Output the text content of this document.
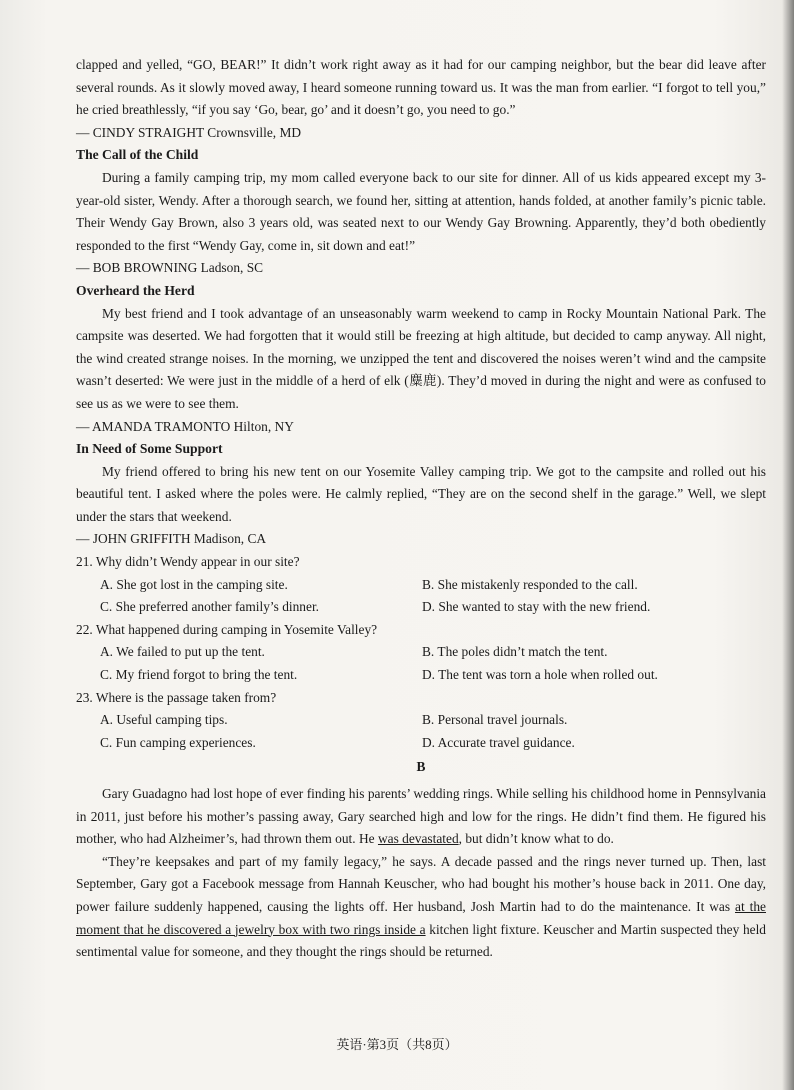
clapped and yelled, “GO, BEAR!” It didn’t work right away as it had for our camping neighbor, but the bear did leave after several rounds. As it slowly moved away, I heard someone running toward us. It was the man from earlier. “I forgot to tell you,” he cried breathlessly, “if you say ‘Go, bear, go’ and it doesn’t go, you need to go.”

— CINDY STRAIGHT Crownsville, MD

The Call of the Child

During a family camping trip, my mom called everyone back to our site for dinner. All of us kids appeared except my 3-year-old sister, Wendy. After a thorough search, we found her, sitting at attention, hands folded, at another family’s picnic table. Their Wendy Gay Brown, also 3 years old, was seated next to our Wendy Gay Browning. Apparently, they’d both obediently responded to the first “Wendy Gay, come in, sit down and eat!”

— BOB BROWNING Ladson, SC

Overheard the Herd

My best friend and I took advantage of an unseasonably warm weekend to camp in Rocky Mountain National Park. The campsite was deserted. We had forgotten that it would still be freezing at high altitude, but decided to camp anyway. All night, the wind created strange noises. In the morning, we unzipped the tent and discovered the noises weren’t wind and the campsite wasn’t deserted: We were just in the middle of a herd of elk (麋鹿). They’d moved in during the night and were as confused to see us as we were to see them.

— AMANDA TRAMONTO Hilton, NY

In Need of Some Support

My friend offered to bring his new tent on our Yosemite Valley camping trip. We got to the campsite and rolled out his beautiful tent. I asked where the poles were. He calmly replied, “They are on the second shelf in the garage.” Well, we slept under the stars that weekend.

— JOHN GRIFFITH Madison, CA

21. Why didn’t Wendy appear in our site?

A. She got lost in the camping site.	B. She mistakenly responded to the call.
C. She preferred another family’s dinner.	D. She wanted to stay with the new friend.

22. What happened during camping in Yosemite Valley?

A. We failed to put up the tent.	B. The poles didn’t match the tent.
C. My friend forgot to bring the tent.	D. The tent was torn a hole when rolled out.

23. Where is the passage taken from?

A. Useful camping tips.	B. Personal travel journals.
C. Fun camping experiences.	D. Accurate travel guidance.
B

Gary Guadagno had lost hope of ever finding his parents’ wedding rings. While selling his childhood home in Pennsylvania in 2011, just before his mother’s passing away, Gary searched high and low for the rings. He didn’t find them. He figured his mother, who had Alzheimer’s, had thrown them out. He was devastated, but didn’t know what to do.

“They’re keepsakes and part of my family legacy,” he says. A decade passed and the rings never turned up. Then, last September, Gary got a Facebook message from Hannah Keuscher, who had bought his mother’s house back in 2011. One day, power failure suddenly happened, causing the lights off. Her husband, Josh Martin had to do the maintenance. It was at the moment that he discovered a jewelry box with two rings inside a kitchen light fixture. Keuscher and Martin suspected they held sentimental value for someone, and they thought the rings should be returned.

英语·第3页（共8页）
